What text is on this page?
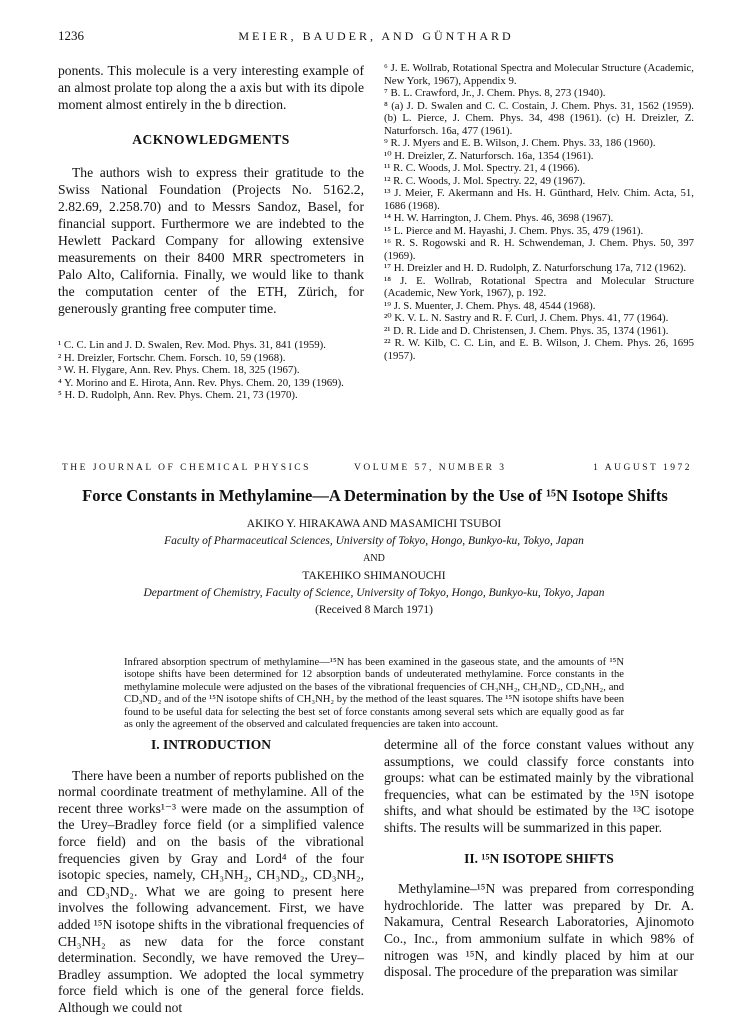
1236	MEIER, BAUDER, AND GÜNTHARD

ponents. This molecule is a very interesting example of an almost prolate top along the a axis but with its dipole moment almost entirely in the b direction.

ACKNOWLEDGMENTS

The authors wish to express their gratitude to the Swiss National Foundation (Projects No. 5162.2, 2.82.69, 2.258.70) and to Messrs Sandoz, Basel, for financial support. Furthermore we are indebted to the Hewlett Packard Company for allowing extensive measurements on their 8400 MRR spectrometers in Palo Alto, California. Finally, we would like to thank the computation center of the ETH, Zürich, for generously granting free computer time.

¹ C. C. Lin and J. D. Swalen, Rev. Mod. Phys. 31, 841 (1959).

² H. Dreizler, Fortschr. Chem. Forsch. 10, 59 (1968).

³ W. H. Flygare, Ann. Rev. Phys. Chem. 18, 325 (1967).

⁴ Y. Morino and E. Hirota, Ann. Rev. Phys. Chem. 20, 139 (1969).

⁵ H. D. Rudolph, Ann. Rev. Phys. Chem. 21, 73 (1970).

⁶ J. E. Wollrab, Rotational Spectra and Molecular Structure (Academic, New York, 1967), Appendix 9.

⁷ B. L. Crawford, Jr., J. Chem. Phys. 8, 273 (1940).

⁸ (a) J. D. Swalen and C. C. Costain, J. Chem. Phys. 31, 1562 (1959). (b) L. Pierce, J. Chem. Phys. 34, 498 (1961). (c) H. Dreizler, Z. Naturforsch. 16a, 477 (1961).

⁹ R. J. Myers and E. B. Wilson, J. Chem. Phys. 33, 186 (1960).

¹⁰ H. Dreizler, Z. Naturforsch. 16a, 1354 (1961).

¹¹ R. C. Woods, J. Mol. Spectry. 21, 4 (1966).

¹² R. C. Woods, J. Mol. Spectry. 22, 49 (1967).

¹³ J. Meier, F. Akermann and Hs. H. Günthard, Helv. Chim. Acta, 51, 1686 (1968).

¹⁴ H. W. Harrington, J. Chem. Phys. 46, 3698 (1967).

¹⁵ L. Pierce and M. Hayashi, J. Chem. Phys. 35, 479 (1961).

¹⁶ R. S. Rogowski and R. H. Schwendeman, J. Chem. Phys. 50, 397 (1969).

¹⁷ H. Dreizler and H. D. Rudolph, Z. Naturforschung 17a, 712 (1962).

¹⁸ J. E. Wollrab, Rotational Spectra and Molecular Structure (Academic, New York, 1967), p. 192.

¹⁹ J. S. Muenter, J. Chem. Phys. 48, 4544 (1968).

²⁰ K. V. L. N. Sastry and R. F. Curl, J. Chem. Phys. 41, 77 (1964).

²¹ D. R. Lide and D. Christensen, J. Chem. Phys. 35, 1374 (1961).

²² R. W. Kilb, C. C. Lin, and E. B. Wilson, J. Chem. Phys. 26, 1695 (1957).

THE JOURNAL OF CHEMICAL PHYSICS	VOLUME 57, NUMBER 3	1 AUGUST 1972
Force Constants in Methylamine—A Determination by the Use of ¹⁵N Isotope Shifts
AKIKO Y. HIRAKAWA AND MASAMICHI TSUBOI
Faculty of Pharmaceutical Sciences, University of Tokyo, Hongo, Bunkyo-ku, Tokyo, Japan
AND
TAKEHIKO SHIMANOUCHI
Department of Chemistry, Faculty of Science, University of Tokyo, Hongo, Bunkyo-ku, Tokyo, Japan
(Received 8 March 1971)
Infrared absorption spectrum of methylamine—¹⁵N has been examined in the gaseous state, and the amounts of ¹⁵N isotope shifts have been determined for 12 absorption bands of undeuterated methylamine. Force constants in the methylamine molecule were adjusted on the bases of the vibrational frequencies of CH₃NH₂, CH₃ND₂, CD₃NH₂, and CD₃ND₂ and of the ¹⁵N isotope shifts of CH₃NH₂ by the method of the least squares. The ¹⁵N isotope shifts have been found to be useful data for selecting the best set of force constants among several sets which are equally good as far as only the agreement of the observed and calculated frequencies are taken into account.
I. INTRODUCTION

There have been a number of reports published on the normal coordinate treatment of methylamine. All of the recent three works¹⁻³ were made on the assumption of the Urey–Bradley force field (or a simplified valence force field) and on the basis of the vibrational frequencies given by Gray and Lord⁴ of the four isotopic species, namely, CH₃NH₂, CH₃ND₂, CD₃NH₂, and CD₃ND₂. What we are going to present here involves the following advancement. First, we have added ¹⁵N isotope shifts in the vibrational frequencies of CH₃NH₂ as new data for the force constant determination. Secondly, we have removed the Urey–Bradley assumption. We adopted the local symmetry force field which is one of the general force fields. Although we could not

determine all of the force constant values without any assumptions, we could classify force constants into groups: what can be estimated mainly by the vibrational frequencies, what can be estimated by the ¹⁵N isotope shifts, and what should be estimated by the ¹³C isotope shifts. The results will be summarized in this paper.

II. ¹⁵N ISOTOPE SHIFTS

Methylamine–¹⁵N was prepared from corresponding hydrochloride. The latter was prepared by Dr. A. Nakamura, Central Research Laboratories, Ajinomoto Co., Inc., from ammonium sulfate in which 98% of nitrogen was ¹⁵N, and kindly placed by him at our disposal. The procedure of the preparation was similar
